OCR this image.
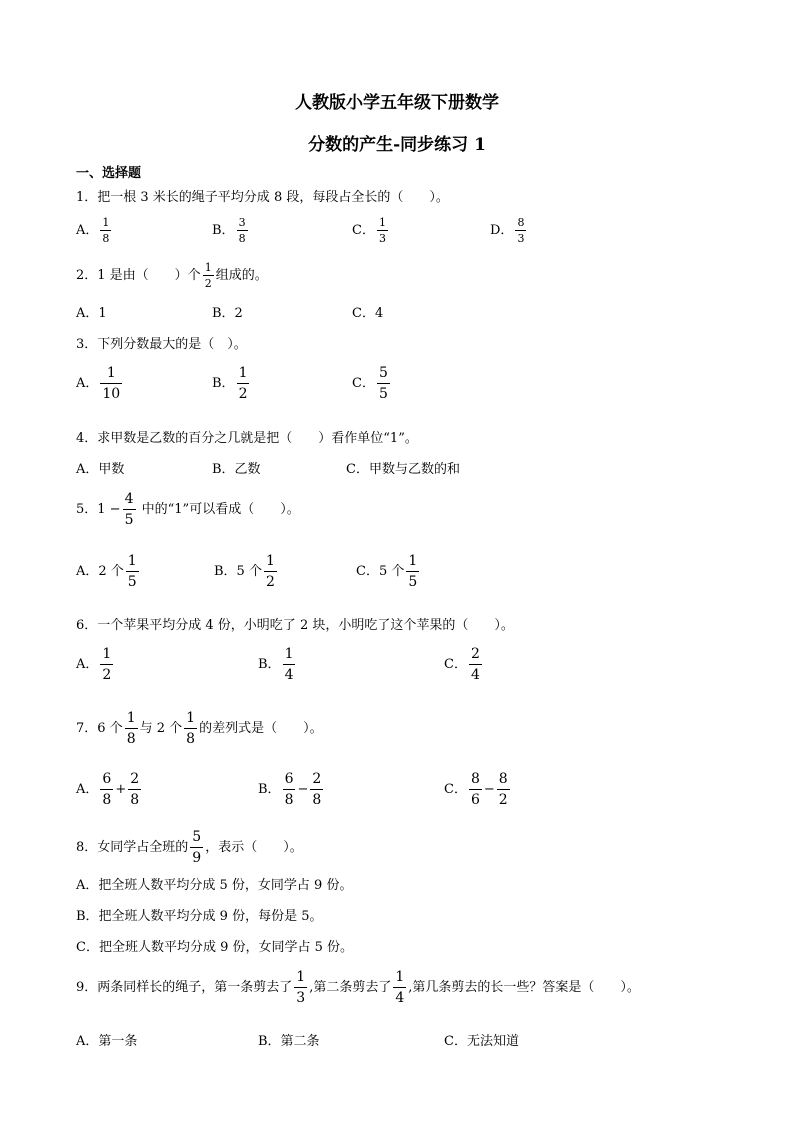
人教版小学五年级下册数学
分数的产生-同步练习 1
一、选择题
1．把一根 3 米长的绳子平均分成 8 段，每段占全长的（　　）。
A． $\frac{1}{8}$	B． $\frac{3}{8}$	C． $\frac{1}{3}$	D． $\frac{8}{3}$
2．1 是由（　　）个 $\frac{1}{2}$ 组成的。
A．1	B．2	C．4
3．下列分数最大的是（　）。
A． $\frac{1}{10}$	B． $\frac{1}{2}$	C． $\frac{5}{5}$
4．求甲数是乙数的百分之几就是把（　　）看作单位“1”。
A．甲数	B．乙数	C．甲数与乙数的和
5．$1 - \frac{4}{5}$ 中的“1”可以看成（　　）。
A．2 个 $\frac{1}{5}$	B．5 个 $\frac{1}{2}$	C．5 个 $\frac{1}{5}$
6．一个苹果平均分成 4 份，小明吃了 2 块，小明吃了这个苹果的（　　）。
A． $\frac{1}{2}$	B． $\frac{1}{4}$	C． $\frac{2}{4}$
7．6 个 $\frac{1}{8}$ 与 2 个 $\frac{1}{8}$ 的差列式是（　　）。
A． $\frac{6}{8} + \frac{2}{8}$	B． $\frac{6}{8} - \frac{2}{8}$	C． $\frac{8}{6} - \frac{8}{2}$
8．女同学占全班的 $\frac{5}{9}$ ，表示（　　）。
A．把全班人数平均分成 5 份，女同学占 9 份。
B．把全班人数平均分成 9 份，每份是 5。
C．把全班人数平均分成 9 份，女同学占 5 份。
9．两条同样长的绳子，第一条剪去了 $\frac{1}{3}$ ,第二条剪去了 $\frac{1}{4}$ ,第几条剪去的长一些？答案是（　　）。
A．第一条	B．第二条	C．无法知道
